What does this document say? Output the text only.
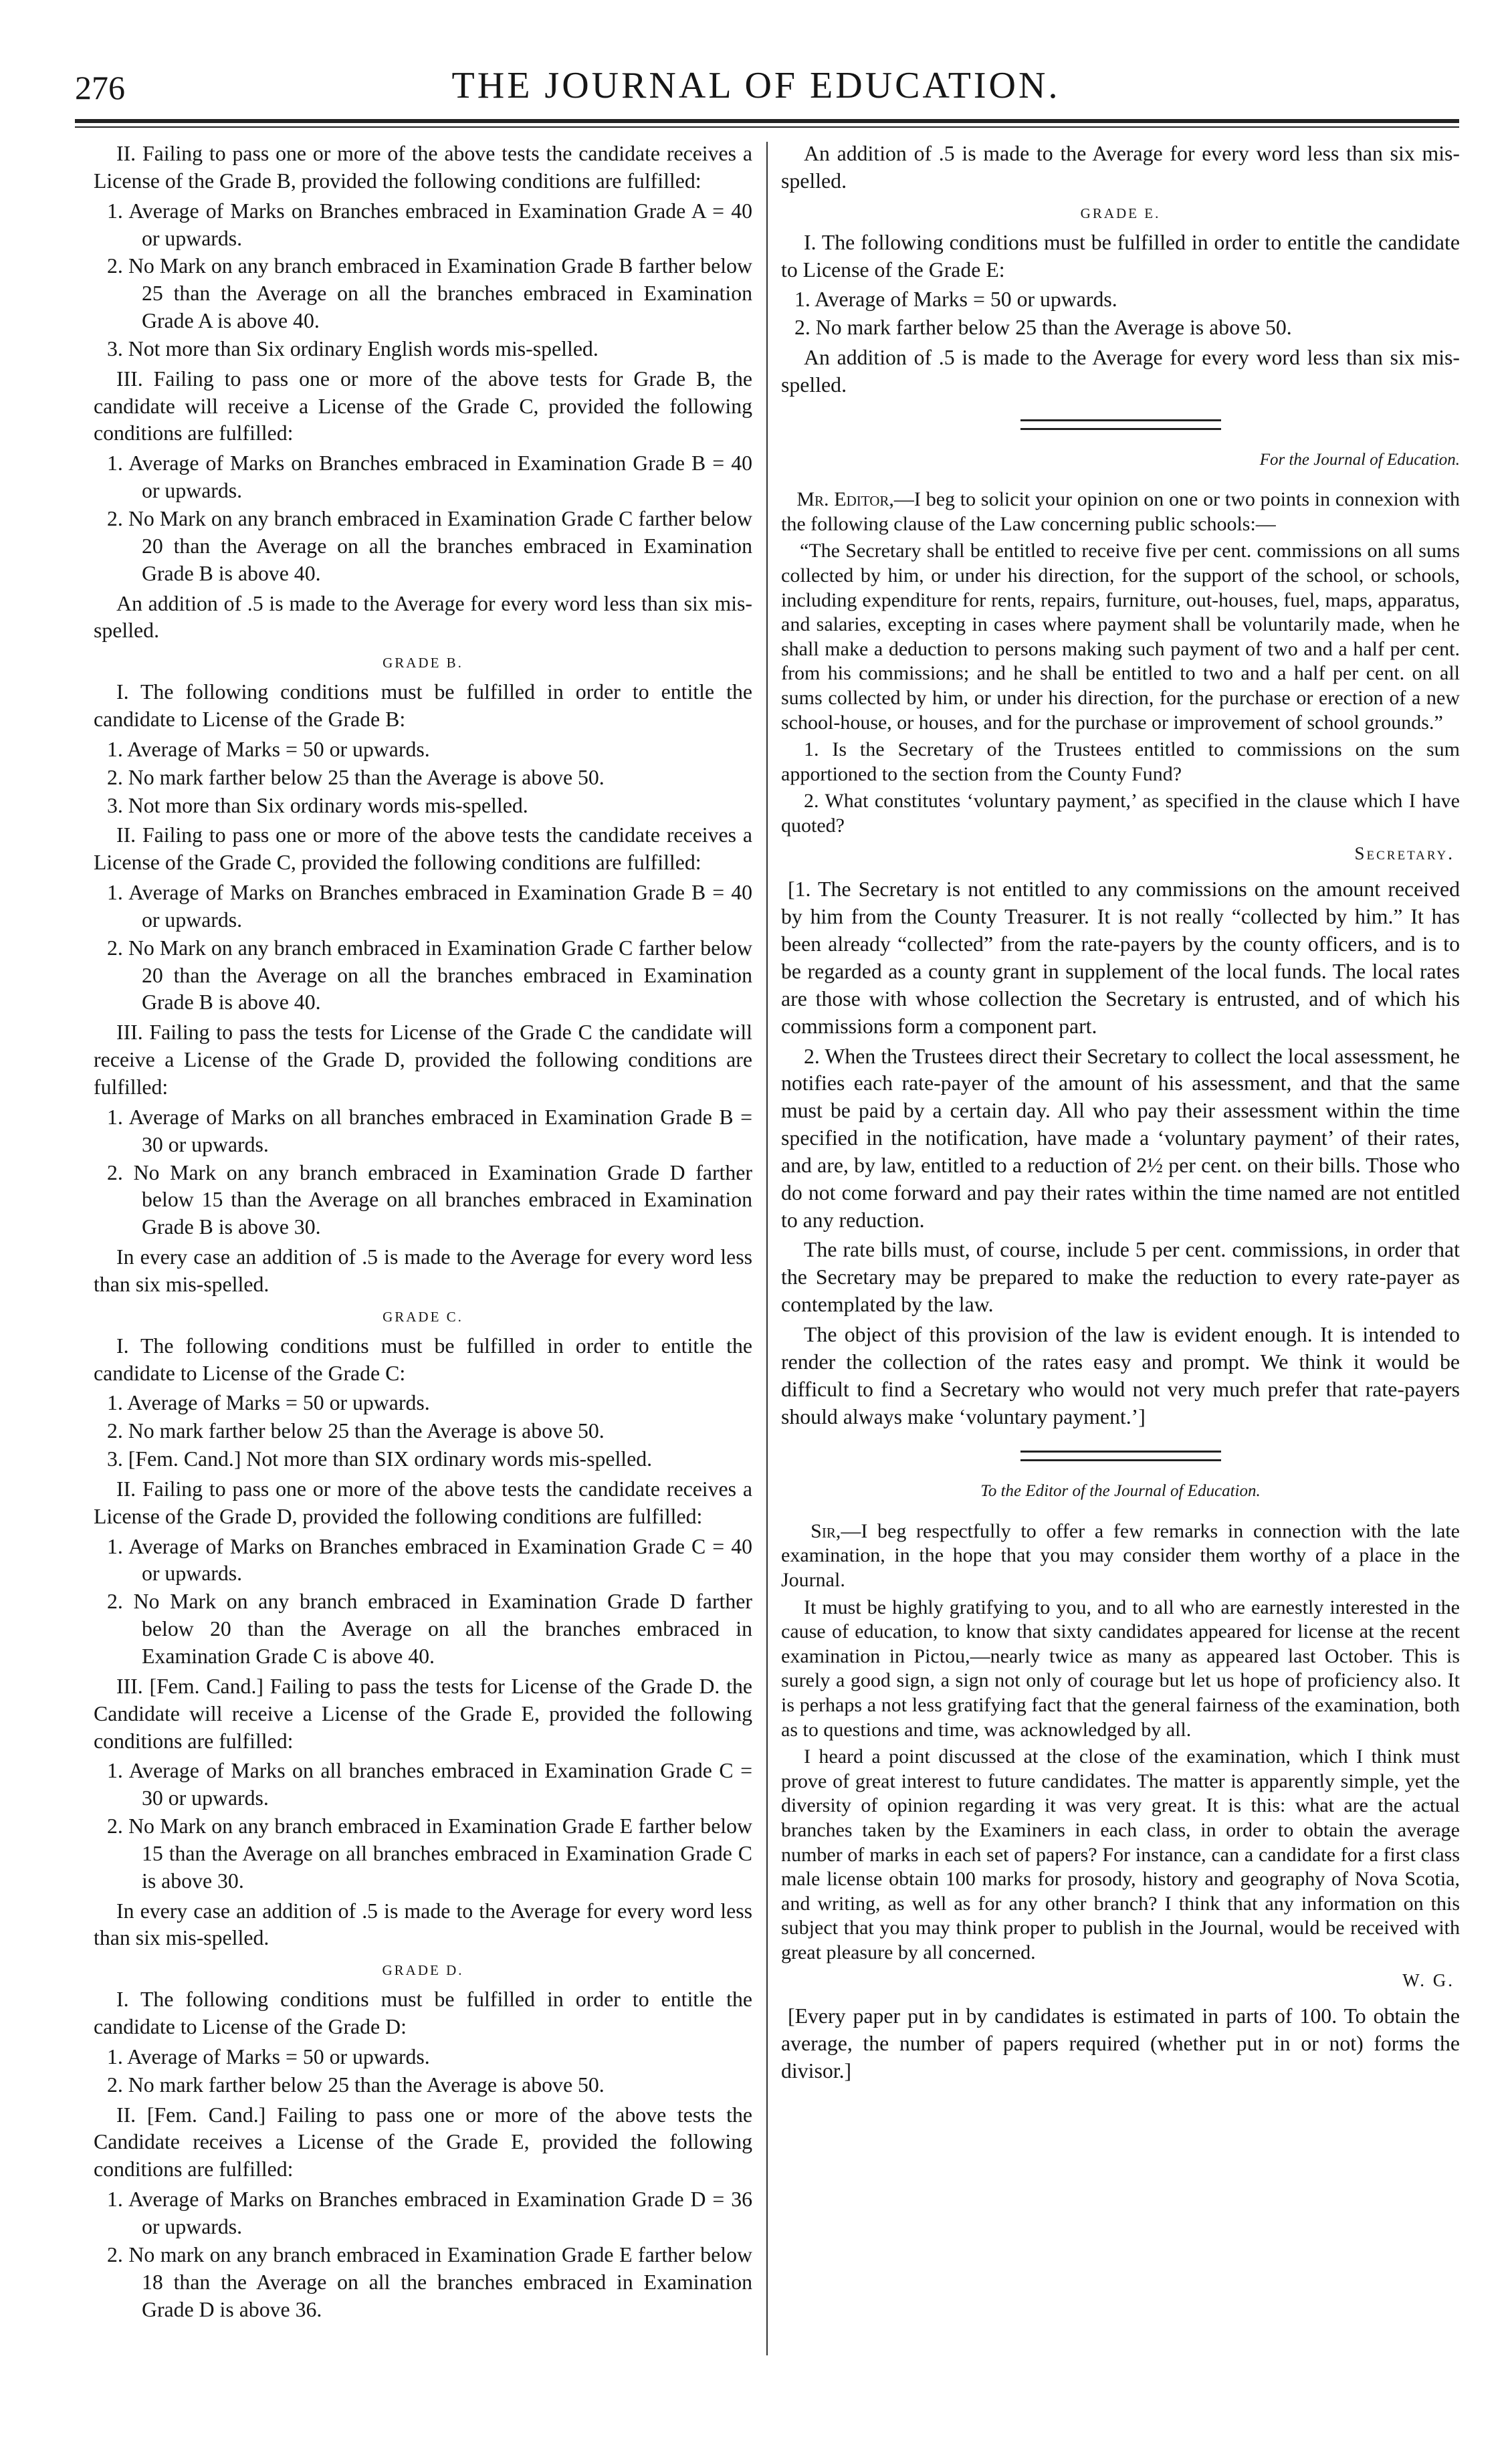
276	THE JOURNAL OF EDUCATION.

II. Failing to pass one or more of the above tests the candidate receives a License of the Grade B, provided the following conditions are fulfilled:

1. Average of Marks on Branches embraced in Examination Grade A = 40 or upwards.
2. No Mark on any branch embraced in Examination Grade B farther below 25 than the Average on all the branches embraced in Examination Grade A is above 40.
3. Not more than Six ordinary English words mis-spelled.

III. Failing to pass one or more of the above tests for Grade B, the candidate will receive a License of the Grade C, provided the following conditions are fulfilled:

1. Average of Marks on Branches embraced in Examination Grade B = 40 or upwards.
2. No Mark on any branch embraced in Examination Grade C farther below 20 than the Average on all the branches embraced in Examination Grade B is above 40.

An addition of .5 is made to the Average for every word less than six mis-spelled.

GRADE B.

I. The following conditions must be fulfilled in order to entitle the candidate to License of the Grade B:

1. Average of Marks = 50 or upwards.
2. No mark farther below 25 than the Average is above 50.
3. Not more than Six ordinary words mis-spelled.

II. Failing to pass one or more of the above tests the candidate receives a License of the Grade C, provided the following conditions are fulfilled:

1. Average of Marks on Branches embraced in Examination Grade B = 40 or upwards.
2. No Mark on any branch embraced in Examination Grade C farther below 20 than the Average on all the branches embraced in Examination Grade B is above 40.

III. Failing to pass the tests for License of the Grade C the candidate will receive a License of the Grade D, provided the following conditions are fulfilled:

1. Average of Marks on all branches embraced in Examination Grade B = 30 or upwards.
2. No Mark on any branch embraced in Examination Grade D farther below 15 than the Average on all branches embraced in Examination Grade B is above 30.

In every case an addition of .5 is made to the Average for every word less than six mis-spelled.

GRADE C.

I. The following conditions must be fulfilled in order to entitle the candidate to License of the Grade C:

1. Average of Marks = 50 or upwards.
2. No mark farther below 25 than the Average is above 50.
3. [Fem. Cand.] Not more than SIX ordinary words mis-spelled.

II. Failing to pass one or more of the above tests the candidate receives a License of the Grade D, provided the following conditions are fulfilled:

1. Average of Marks on Branches embraced in Examination Grade C = 40 or upwards.
2. No Mark on any branch embraced in Examination Grade D farther below 20 than the Average on all the branches embraced in Examination Grade C is above 40.

III. [Fem. Cand.] Failing to pass the tests for License of the Grade D. the Candidate will receive a License of the Grade E, provided the following conditions are fulfilled:

1. Average of Marks on all branches embraced in Examination Grade C = 30 or upwards.
2. No Mark on any branch embraced in Examination Grade E farther below 15 than the Average on all branches embraced in Examination Grade C is above 30.

In every case an addition of .5 is made to the Average for every word less than six mis-spelled.

GRADE D.

I. The following conditions must be fulfilled in order to entitle the candidate to License of the Grade D:

1. Average of Marks = 50 or upwards.
2. No mark farther below 25 than the Average is above 50.

II. [Fem. Cand.] Failing to pass one or more of the above tests the Candidate receives a License of the Grade E, provided the following conditions are fulfilled:

1. Average of Marks on Branches embraced in Examination Grade D = 36 or upwards.
2. No mark on any branch embraced in Examination Grade E farther below 18 than the Average on all the branches embraced in Examination Grade D is above 36.

An addition of .5 is made to the Average for every word less than six mis-spelled.

GRADE E.

I. The following conditions must be fulfilled in order to entitle the candidate to License of the Grade E:

1. Average of Marks = 50 or upwards.
2. No mark farther below 25 than the Average is above 50.

An addition of .5 is made to the Average for every word less than six mis-spelled.

For the Journal of Education.

Mr. Editor,—I beg to solicit your opinion on one or two points in connexion with the following clause of the Law concerning public schools:—

“The Secretary shall be entitled to receive five per cent. commissions on all sums collected by him, or under his direction, for the support of the school, or schools, including expenditure for rents, repairs, furniture, out-houses, fuel, maps, apparatus, and salaries, excepting in cases where payment shall be voluntarily made, when he shall make a deduction to persons making such payment of two and a half per cent. from his commissions; and he shall be entitled to two and a half per cent. on all sums collected by him, or under his direction, for the purchase or erection of a new school-house, or houses, and for the purchase or improvement of school grounds.”

1. Is the Secretary of the Trustees entitled to commissions on the sum apportioned to the section from the County Fund?

2. What constitutes ‘voluntary payment,’ as specified in the clause which I have quoted?

Secretary.

[1. The Secretary is not entitled to any commissions on the amount received by him from the County Treasurer. It is not really “collected by him.” It has been already “collected” from the rate-payers by the county officers, and is to be regarded as a county grant in supplement of the local funds. The local rates are those with whose collection the Secretary is entrusted, and of which his commissions form a component part.

2. When the Trustees direct their Secretary to collect the local assessment, he notifies each rate-payer of the amount of his assessment, and that the same must be paid by a certain day. All who pay their assessment within the time specified in the notification, have made a ‘voluntary payment’ of their rates, and are, by law, entitled to a reduction of 2½ per cent. on their bills. Those who do not come forward and pay their rates within the time named are not entitled to any reduction.

The rate bills must, of course, include 5 per cent. commissions, in order that the Secretary may be prepared to make the reduction to every rate-payer as contemplated by the law.

The object of this provision of the law is evident enough. It is intended to render the collection of the rates easy and prompt. We think it would be difficult to find a Secretary who would not very much prefer that rate-payers should always make ‘voluntary payment.’]

To the Editor of the Journal of Education.

Sir,—I beg respectfully to offer a few remarks in connection with the late examination, in the hope that you may consider them worthy of a place in the Journal.

It must be highly gratifying to you, and to all who are earnestly interested in the cause of education, to know that sixty candidates appeared for license at the recent examination in Pictou,—nearly twice as many as appeared last October. This is surely a good sign, a sign not only of courage but let us hope of proficiency also. It is perhaps a not less gratifying fact that the general fairness of the examination, both as to questions and time, was acknowledged by all.

I heard a point discussed at the close of the examination, which I think must prove of great interest to future candidates. The matter is apparently simple, yet the diversity of opinion regarding it was very great. It is this: what are the actual branches taken by the Examiners in each class, in order to obtain the average number of marks in each set of papers? For instance, can a candidate for a first class male license obtain 100 marks for prosody, history and geography of Nova Scotia, and writing, as well as for any other branch? I think that any information on this subject that you may think proper to publish in the Journal, would be received with great pleasure by all concerned.

W. G.

[Every paper put in by candidates is estimated in parts of 100. To obtain the average, the number of papers required (whether put in or not) forms the divisor.]
